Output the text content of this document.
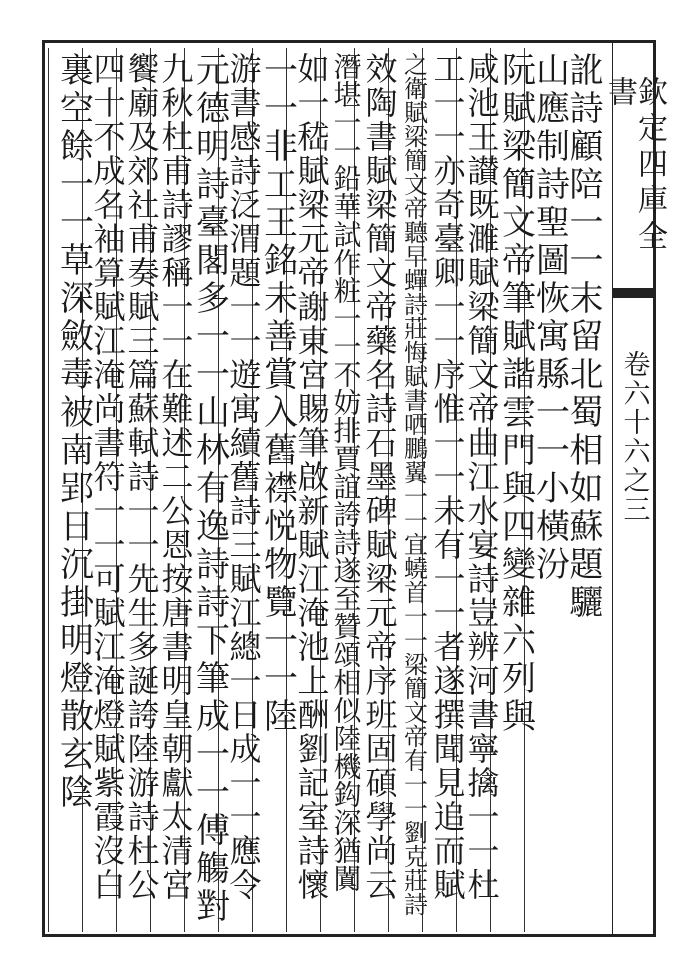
欽定四庫全書
卷六十六之三
訛詩顧陪一一末留北蜀相如蘇題驪
山應制詩聖圖恢寓縣一一小橫汾
阮賦梁簡文帝筆賦諧雲門與四變雜六列與
咸池王讃既濉賦梁簡文帝曲江水宴詩豈辨河書寧擒一一杜
工一一亦奇臺卿一一序惟一一未有一一者遂撰聞見追而賦
之衛賦梁簡文帝聽早蟬詩莊悔賦書哂鵬翼一一宜蟯首一一梁簡文帝有一一劉克莊詩
效陶書賦梁簡文帝藥名詩石墨碑賦梁元帝序班固碩學尚云
潛堪一一鉛華試作粧一一不妨排賈誼誇詩遂至贊頌相似陸機鈎深猶闐
如一嵇賦梁元帝謝東宮賜筆啟新賦江淹池上酬劉記室詩懷
一一非工王銘未善賞入舊襟悦物覽一一陸
游書感詩泛渭題一一遊寓續舊詩三賦江總一日成一一應令
元德明詩臺閣多一一山林有逸詩詩下筆成一一傅觴對
九秋杜甫詩謬稱一一在難述二公恩按唐書明皇朝獻太清宮
饗廟及郊社甫奏賦三篇蘇軾詩一一先生多誕誇陸游詩杜公
四十不成名袖算賦江淹尚書符一一可賦江淹燈賦紫霞沒白
裏空餘一一草深斂毒被南郢日沉掛明燈散玄陰
